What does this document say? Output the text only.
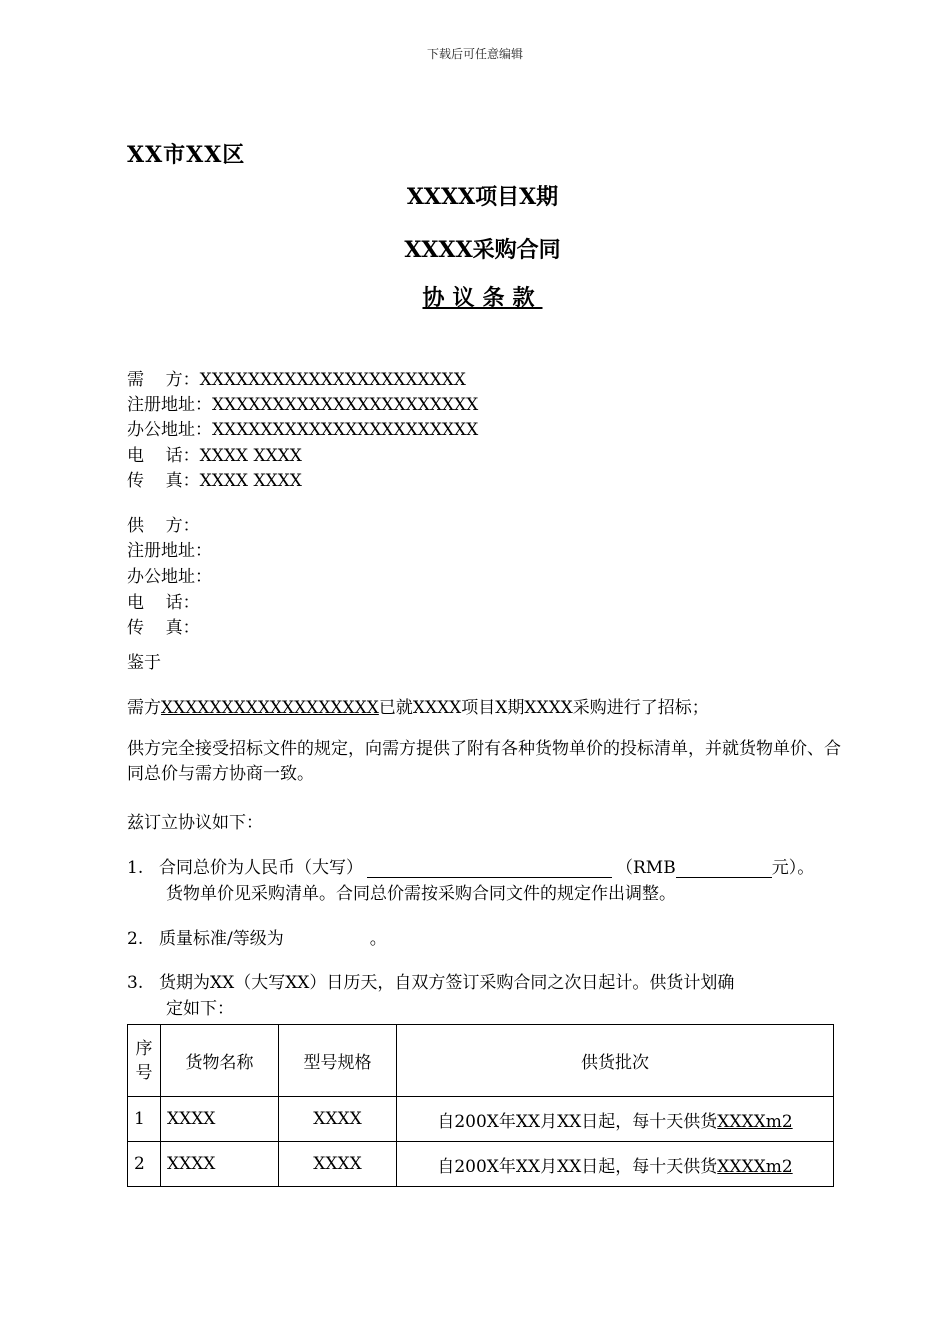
下载后可任意编辑
XX市XX区
XXXX项目X期
XXXX采购合同
协议条款
需    方：XXXXXXXXXXXXXXXXXXXXXX
注册地址：XXXXXXXXXXXXXXXXXXXXXX
办公地址：XXXXXXXXXXXXXXXXXXXXXX
电    话：XXXX XXXX
传    真：XXXX XXXX
供    方：
注册地址：
办公地址：
电    话：
传    真：
鉴于
需方XXXXXXXXXXXXXXXXXX已就XXXX项目X期XXXX采购进行了招标；
供方完全接受招标文件的规定，向需方提供了附有各种货物单价的投标清单，并就货物单价、合同总价与需方协商一致。
兹订立协议如下：
1. 合同总价为人民币（大写）	（RMB	元）。
货物单价见采购清单。合同总价需按采购合同文件的规定作出调整。
2. 质量标准/等级为	。
3. 货期为XX（大写XX）日历天，自双方签订采购合同之次日起计。供货计划确
定如下：
序号	货物名称	型号规格	供货批次
1	XXXX	XXXX	自200X年XX月XX日起，每十天供货XXXXm2
2	XXXX	XXXX	自200X年XX月XX日起，每十天供货XXXXm2
